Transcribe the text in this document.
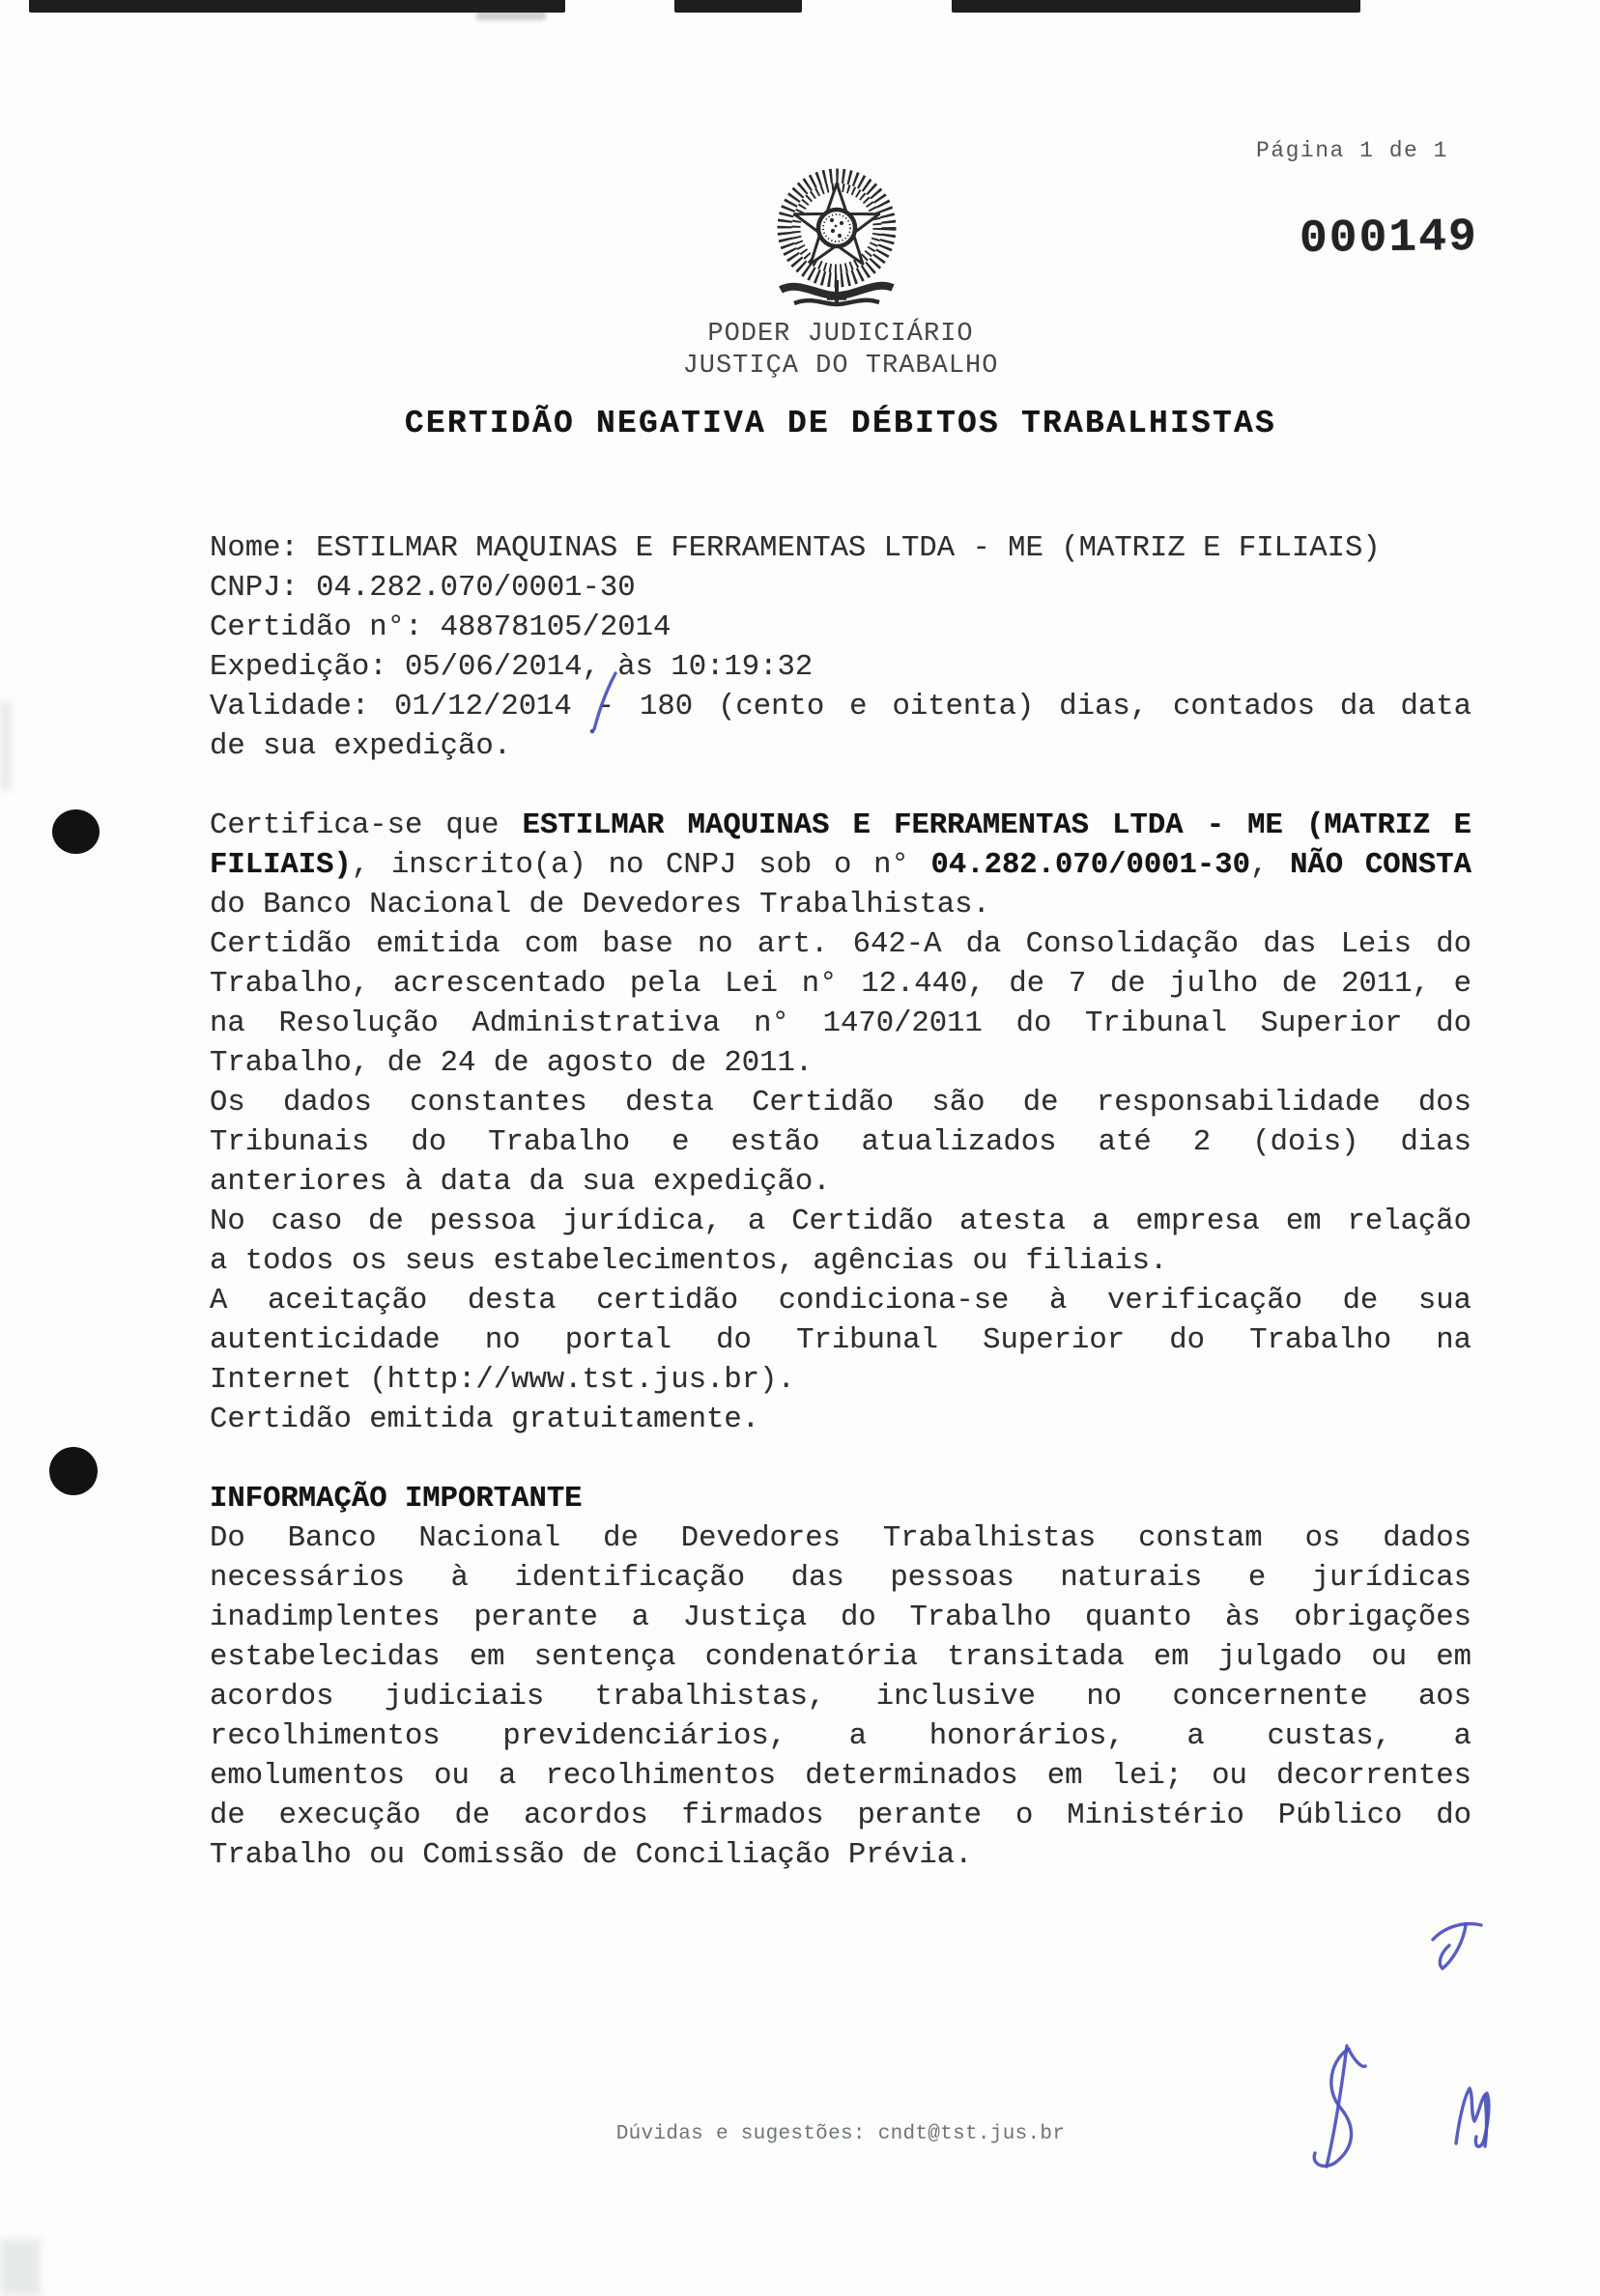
Página 1 de 1
000149
PODER JUDICIÁRIO
JUSTIÇA DO TRABALHO
CERTIDÃO NEGATIVA DE DÉBITOS TRABALHISTAS
Nome: ESTILMAR MAQUINAS E FERRAMENTAS LTDA - ME (MATRIZ E FILIAIS)
CNPJ: 04.282.070/0001-30
Certidão n°: 48878105/2014
Expedição: 05/06/2014, às 10:19:32
Validade: 01/12/2014 - 180 (cento e oitenta) dias, contados da data
de sua expedição.
Certifica-se que ESTILMAR MAQUINAS E FERRAMENTAS LTDA - ME (MATRIZ E
FILIAIS), inscrito(a) no CNPJ sob o n° 04.282.070/0001-30, NÃO CONSTA
do Banco Nacional de Devedores Trabalhistas.
Certidão emitida com base no art. 642-A da Consolidação das Leis do
Trabalho, acrescentado pela Lei n° 12.440, de 7 de julho de 2011, e
na Resolução Administrativa n° 1470/2011 do Tribunal Superior do
Trabalho, de 24 de agosto de 2011.
Os dados constantes desta Certidão são de responsabilidade dos
Tribunais do Trabalho e estão atualizados até 2 (dois) dias
anteriores à data da sua expedição.
No caso de pessoa jurídica, a Certidão atesta a empresa em relação
a todos os seus estabelecimentos, agências ou filiais.
A aceitação desta certidão condiciona-se à verificação de sua
autenticidade no portal do Tribunal Superior do Trabalho na
Internet (http://www.tst.jus.br).
Certidão emitida gratuitamente.
INFORMAÇÃO IMPORTANTE
Do Banco Nacional de Devedores Trabalhistas constam os dados
necessários à identificação das pessoas naturais e jurídicas
inadimplentes perante a Justiça do Trabalho quanto às obrigações
estabelecidas em sentença condenatória transitada em julgado ou em
acordos judiciais trabalhistas, inclusive no concernente aos
recolhimentos previdenciários, a honorários, a custas, a
emolumentos ou a recolhimentos determinados em lei; ou decorrentes
de execução de acordos firmados perante o Ministério Público do
Trabalho ou Comissão de Conciliação Prévia.
Dúvidas e sugestões: cndt@tst.jus.br
